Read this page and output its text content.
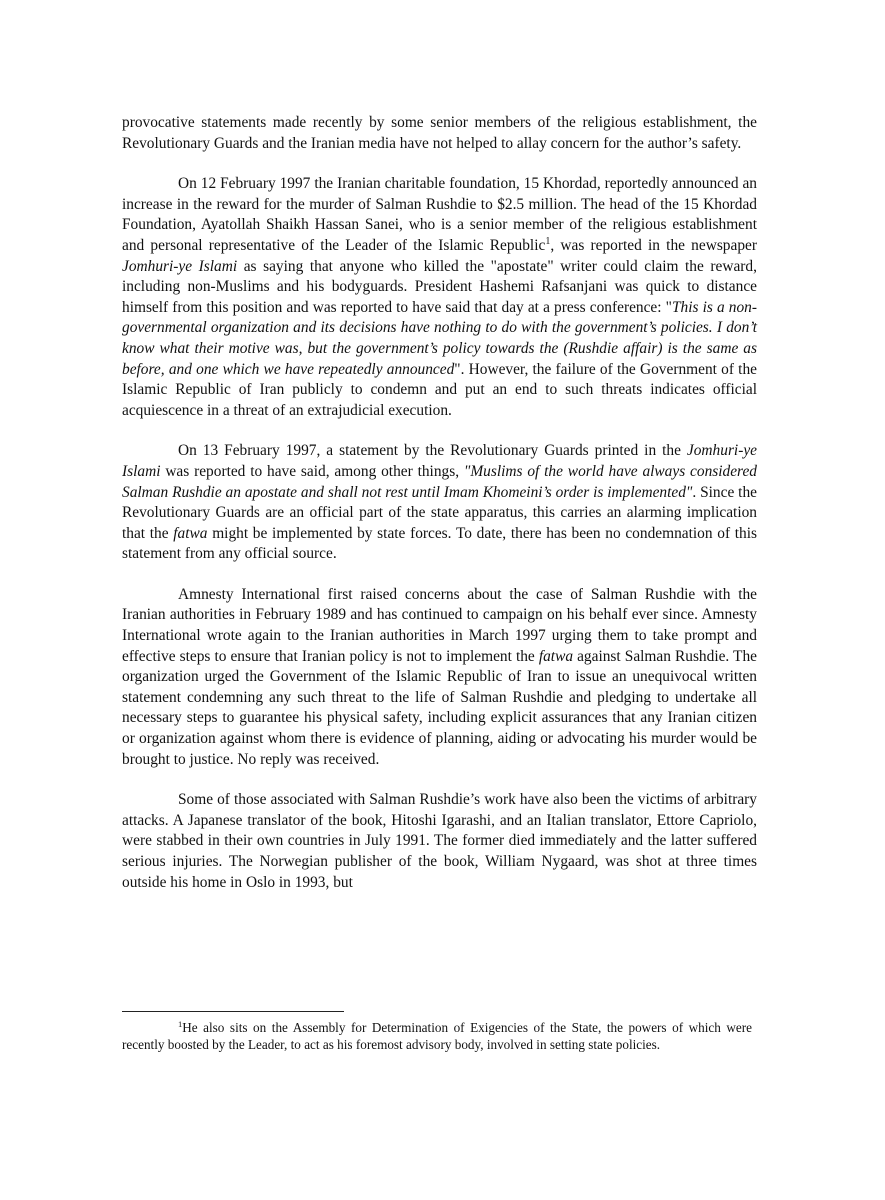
provocative statements made recently by some senior members of the religious establishment, the Revolutionary Guards and the Iranian media have not helped to allay concern for the author’s safety.

On 12 February 1997 the Iranian charitable foundation, 15 Khordad, reportedly announced an increase in the reward for the murder of Salman Rushdie to $2.5 million. The head of the 15 Khordad Foundation, Ayatollah Shaikh Hassan Sanei, who is a senior member of the religious establishment and personal representative of the Leader of the Islamic Republic$^1$, was reported in the newspaper Jomhuri-ye Islami as saying that anyone who killed the "apostate" writer could claim the reward, including non-Muslims and his bodyguards. President Hashemi Rafsanjani was quick to distance himself from this position and was reported to have said that day at a press conference: "This is a non-governmental organization and its decisions have nothing to do with the government’s policies. I don’t know what their motive was, but the government’s policy towards the (Rushdie affair) is the same as before, and one which we have repeatedly announced". However, the failure of the Government of the Islamic Republic of Iran publicly to condemn and put an end to such threats indicates official acquiescence in a threat of an extrajudicial execution.

On 13 February 1997, a statement by the Revolutionary Guards printed in the Jomhuri-ye Islami was reported to have said, among other things, "Muslims of the world have always considered Salman Rushdie an apostate and shall not rest until Imam Khomeini’s order is implemented". Since the Revolutionary Guards are an official part of the state apparatus, this carries an alarming implication that the fatwa might be implemented by state forces. To date, there has been no condemnation of this statement from any official source.

Amnesty International first raised concerns about the case of Salman Rushdie with the Iranian authorities in February 1989 and has continued to campaign on his behalf ever since. Amnesty International wrote again to the Iranian authorities in March 1997 urging them to take prompt and effective steps to ensure that Iranian policy is not to implement the fatwa against Salman Rushdie. The organization urged the Government of the Islamic Republic of Iran to issue an unequivocal written statement condemning any such threat to the life of Salman Rushdie and pledging to undertake all necessary steps to guarantee his physical safety, including explicit assurances that any Iranian citizen or organization against whom there is evidence of planning, aiding or advocating his murder would be brought to justice. No reply was received.

Some of those associated with Salman Rushdie’s work have also been the victims of arbitrary attacks. A Japanese translator of the book, Hitoshi Igarashi, and an Italian translator, Ettore Capriolo, were stabbed in their own countries in July 1991. The former died immediately and the latter suffered serious injuries. The Norwegian publisher of the book, William Nygaard, was shot at three times outside his home in Oslo in 1993, but

$^1$He also sits on the Assembly for Determination of Exigencies of the State, the powers of which were recently boosted by the Leader, to act as his foremost advisory body, involved in setting state policies.
